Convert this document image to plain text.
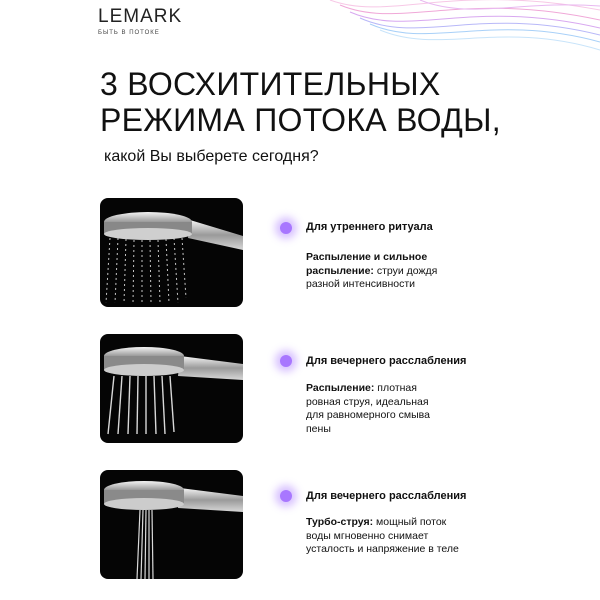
LEMARK
БЫТЬ В ПОТОКЕ
3 ВОСХИТИТЕЛЬНЫХ
РЕЖИМА ПОТОКА ВОДЫ,
какой Вы выберете сегодня?
Для утреннего ритуала
Распыление и сильное распыление: струи дождя разной интенсивности
Для вечернего расслабления
Распыление: плотная ровная струя, идеальная для равномерного смыва пены
Для вечернего расслабления
Турбо-струя: мощный поток воды мгновенно снимает усталость и напряжение в теле
